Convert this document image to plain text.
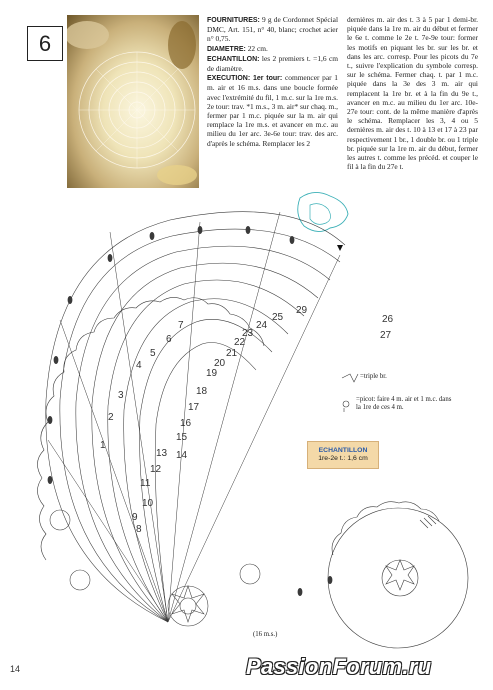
6

FOURNITURES: 9 g de Cordonnet Spécial DMC, Art. 151, n° 40, blanc; crochet acier n° 0,75.

DIAMETRE: 22 cm.

ECHANTILLON: les 2 premiers t. =1,6 cm de diamètre.

EXECUTION: 1er tour: commencer par 1 m. air et 16 m.s. dans une boucle formée avec l'extrémité du fil, 1 m.c. sur la 1re m.s. 2e tour: trav. *1 m.s., 3 m. air* sur chaq. m., fermer par 1 m.c. piquée sur la m. air qui remplace la 1re m.s. et avancer en m.c. au milieu du 1er arc. 3e-6e tour: trav. des arc. d'après le schéma. Remplacer les 2

dernières m. air des t. 3 à 5 par 1 demi-br. piquée dans la 1re m. air du début et fermer le 6e t. comme le 2e t. 7e-9e tour: former les motifs en piquant les br. sur les br. et dans les arc. corresp. Pour les picots du 7e t., suivre l'explication du symbole corresp. sur le schéma. Fermer chaq. t. par 1 m.c. piquée dans la 3e des 3 m. air qui remplacent la 1re br. et à la fin du 9e t., avancer en m.c. au milieu du 1er arc. 10e-27e tour: cont. de la même manière d'après le schéma. Remplacer les 3, 4 ou 5 dernières m. air des t. 10 à 13 et 17 à 23 par respectivement 1 br., 1 double br. ou 1 triple br. piquée sur la 1re m. air du début, fermer les autres t. comme les précéd. et couper le fil à la fin du 27e t.

29
25
24
23
22
21
20
26
27
19
18
17
16
15
14
13
12
11
10
9
8
7
6
5
4
3
2
1
=triple br.
=picot: faire 4 m. air et 1 m.c. dans la 1re de ces 4 m.
ECHANTILLON
1re-2e t.: 1,6 cm
(16 m.s.)
14	PassionForum.ru
